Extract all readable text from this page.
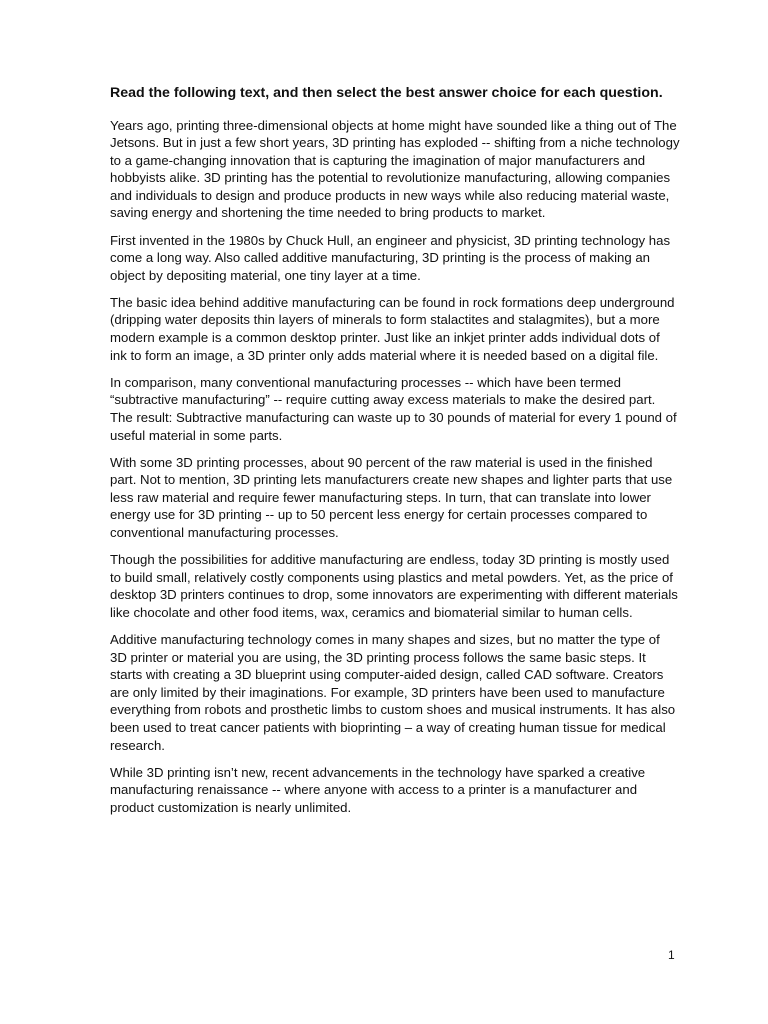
Read the following text, and then select the best answer choice for each question.

Years ago, printing three-dimensional objects at home might have sounded like a thing out of The Jetsons. But in just a few short years, 3D printing has exploded -- shifting from a niche technology to a game-changing innovation that is capturing the imagination of major manufacturers and hobbyists alike. 3D printing has the potential to revolutionize manufacturing, allowing companies and individuals to design and produce products in new ways while also reducing material waste, saving energy and shortening the time needed to bring products to market.

First invented in the 1980s by Chuck Hull, an engineer and physicist, 3D printing technology has come a long way. Also called additive manufacturing, 3D printing is the process of making an object by depositing material, one tiny layer at a time.

The basic idea behind additive manufacturing can be found in rock formations deep underground (dripping water deposits thin layers of minerals to form stalactites and stalagmites), but a more modern example is a common desktop printer. Just like an inkjet printer adds individual dots of ink to form an image, a 3D printer only adds material where it is needed based on a digital file.

In comparison, many conventional manufacturing processes -- which have been termed “subtractive manufacturing” -- require cutting away excess materials to make the desired part. The result: Subtractive manufacturing can waste up to 30 pounds of material for every 1 pound of useful material in some parts.

With some 3D printing processes, about 90 percent of the raw material is used in the finished part. Not to mention, 3D printing lets manufacturers create new shapes and lighter parts that use less raw material and require fewer manufacturing steps. In turn, that can translate into lower energy use for 3D printing -- up to 50 percent less energy for certain processes compared to conventional manufacturing processes.

Though the possibilities for additive manufacturing are endless, today 3D printing is mostly used to build small, relatively costly components using plastics and metal powders. Yet, as the price of desktop 3D printers continues to drop, some innovators are experimenting with different materials like chocolate and other food items, wax, ceramics and biomaterial similar to human cells.

Additive manufacturing technology comes in many shapes and sizes, but no matter the type of 3D printer or material you are using, the 3D printing process follows the same basic steps. It starts with creating a 3D blueprint using computer-aided design, called CAD software. Creators are only limited by their imaginations. For example, 3D printers have been used to manufacture everything from robots and prosthetic limbs to custom shoes and musical instruments. It has also been used to treat cancer patients with bioprinting – a way of creating human tissue for medical research.

While 3D printing isn’t new, recent advancements in the technology have sparked a creative manufacturing renaissance -- where anyone with access to a printer is a manufacturer and product customization is nearly unlimited.

1
